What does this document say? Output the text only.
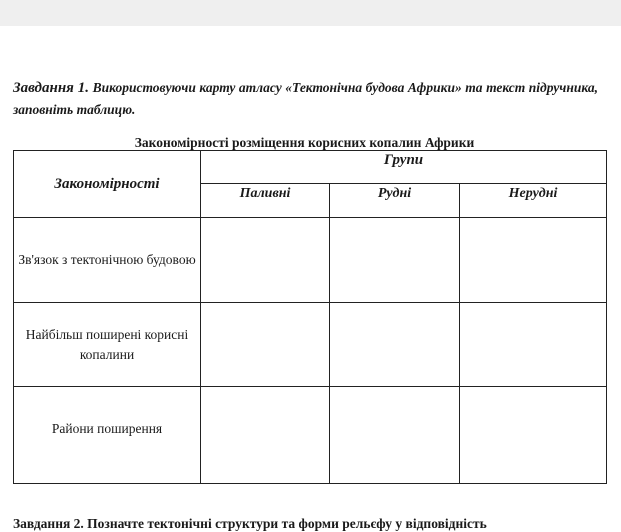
Завдання 1. Використовуючи карту атласу «Тектонічна будова Африки» та текст підручника, заповніть таблицю.
Закономірності розміщення корисних копалин Африки
Закономірності	Групи		
	Паливні	Рудні	Нерудні
Зв'язок з тектонічною будовою			
Найбільш поширені корисні копалини			
Райони поширення			
Завдання 2. Позначте тектонічні структури та форми рельєфу у відповідність
